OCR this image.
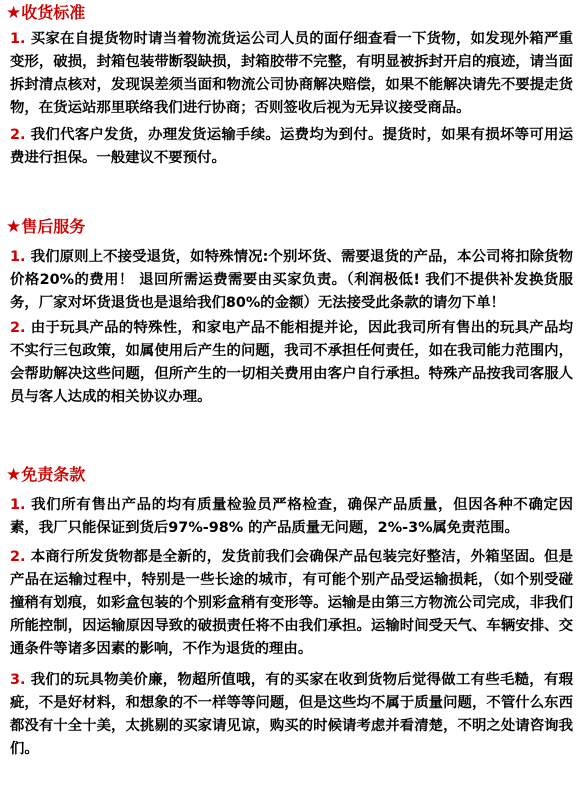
★收货标准

1. 买家在自提货物时请当着物流货运公司人员的面仔细查看一下货物，如发现外箱严重变形，破损，封箱包装带断裂缺损，封箱胶带不完整，有明显被拆封开启的痕迹，请当面拆封清点核对，发现误差须当面和物流公司协商解决赔偿，如果不能解决请先不要提走货物，在货运站那里联络我们进行协商；否则签收后视为无异议接受商品。

2. 我们代客户发货，办理发货运输手续。运费均为到付。提货时，如果有损坏等可用运费进行担保。一般建议不要预付。

★售后服务

1. 我们原则上不接受退货，如特殊情况:个别坏货、需要退货的产品，本公司将扣除货物价格20%的费用！ 退回所需运费需要由买家负责。（利润极低! 我们不提供补发换货服务，厂家对坏货退货也是退给我们80%的金额）无法接受此条款的请勿下单！

2. 由于玩具产品的特殊性，和家电产品不能相提并论，因此我司所有售出的玩具产品均不实行三包政策，如属使用后产生的问题，我司不承担任何责任，如在我司能力范围内，会帮助解决这些问题，但所产生的一切相关费用由客户自行承担。特殊产品按我司客服人员与客人达成的相关协议办理。

★免责条款

1. 我们所有售出产品的均有质量检验员严格检查，确保产品质量，但因各种不确定因素，我厂只能保证到货后97%-98% 的产品质量无问题，2%-3%属免责范围。

2. 本商行所发货物都是全新的，发货前我们会确保产品包装完好整洁，外箱坚固。但是产品在运输过程中，特别是一些长途的城市，有可能个别产品受运输损耗，（如个别受碰撞稍有划痕，如彩盒包装的个别彩盒稍有变形等。运输是由第三方物流公司完成，非我们所能控制，因运输原因导致的破损责任将不由我们承担。运输时间受天气、车辆安排、交通条件等诸多因素的影响，不作为退货的理由。

3. 我们的玩具物美价廉，物超所值哦，有的买家在收到货物后觉得做工有些毛糙，有瑕疵，不是好材料，和想象的不一样等等问题，但是这些均不属于质量问题，不管什么东西都没有十全十美，太挑剔的买家请见谅，购买的时候请考虑并看清楚，不明之处请咨询我们。
